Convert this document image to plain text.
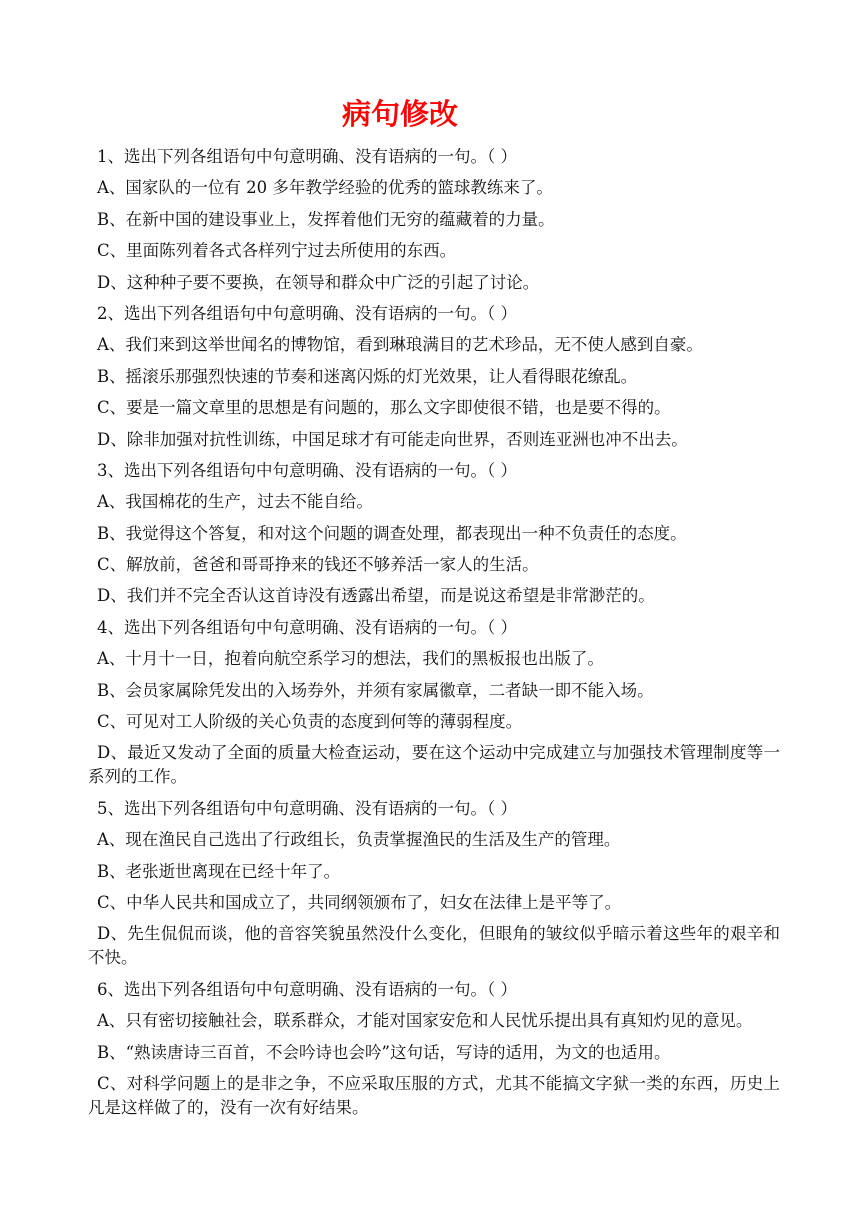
病句修改
1、选出下列各组语句中句意明确、没有语病的一句。（ ）
A、国家队的一位有 20 多年教学经验的优秀的篮球教练来了。
B、在新中国的建设事业上，发挥着他们无穷的蕴藏着的力量。
C、里面陈列着各式各样列宁过去所使用的东西。
D、这种种子要不要换，在领导和群众中广泛的引起了讨论。
2、选出下列各组语句中句意明确、没有语病的一句。（ ）
A、我们来到这举世闻名的博物馆，看到琳琅满目的艺术珍品，无不使人感到自豪。
B、摇滚乐那强烈快速的节奏和迷离闪烁的灯光效果，让人看得眼花缭乱。
C、要是一篇文章里的思想是有问题的，那么文字即使很不错，也是要不得的。
D、除非加强对抗性训练，中国足球才有可能走向世界，否则连亚洲也冲不出去。
3、选出下列各组语句中句意明确、没有语病的一句。（ ）
A、我国棉花的生产，过去不能自给。
B、我觉得这个答复，和对这个问题的调查处理，都表现出一种不负责任的态度。
C、解放前，爸爸和哥哥挣来的钱还不够养活一家人的生活。
D、我们并不完全否认这首诗没有透露出希望，而是说这希望是非常渺茫的。
4、选出下列各组语句中句意明确、没有语病的一句。（ ）
A、十月十一日，抱着向航空系学习的想法，我们的黑板报也出版了。
B、会员家属除凭发出的入场券外，并须有家属徽章，二者缺一即不能入场。
C、可见对工人阶级的关心负责的态度到何等的薄弱程度。
D、最近又发动了全面的质量大检查运动，要在这个运动中完成建立与加强技术管理制度等一系列的工作。
5、选出下列各组语句中句意明确、没有语病的一句。（ ）
A、现在渔民自己选出了行政组长，负责掌握渔民的生活及生产的管理。
B、老张逝世离现在已经十年了。
C、中华人民共和国成立了，共同纲领颁布了，妇女在法律上是平等了。
D、先生侃侃而谈，他的音容笑貌虽然没什么变化，但眼角的皱纹似乎暗示着这些年的艰辛和不快。
6、选出下列各组语句中句意明确、没有语病的一句。（ ）
A、只有密切接触社会，联系群众，才能对国家安危和人民忧乐提出具有真知灼见的意见。
B、“熟读唐诗三百首，不会吟诗也会吟”这句话，写诗的适用，为文的也适用。
C、对科学问题上的是非之争，不应采取压服的方式，尤其不能搞文字狱一类的东西，历史上凡是这样做了的，没有一次有好结果。
